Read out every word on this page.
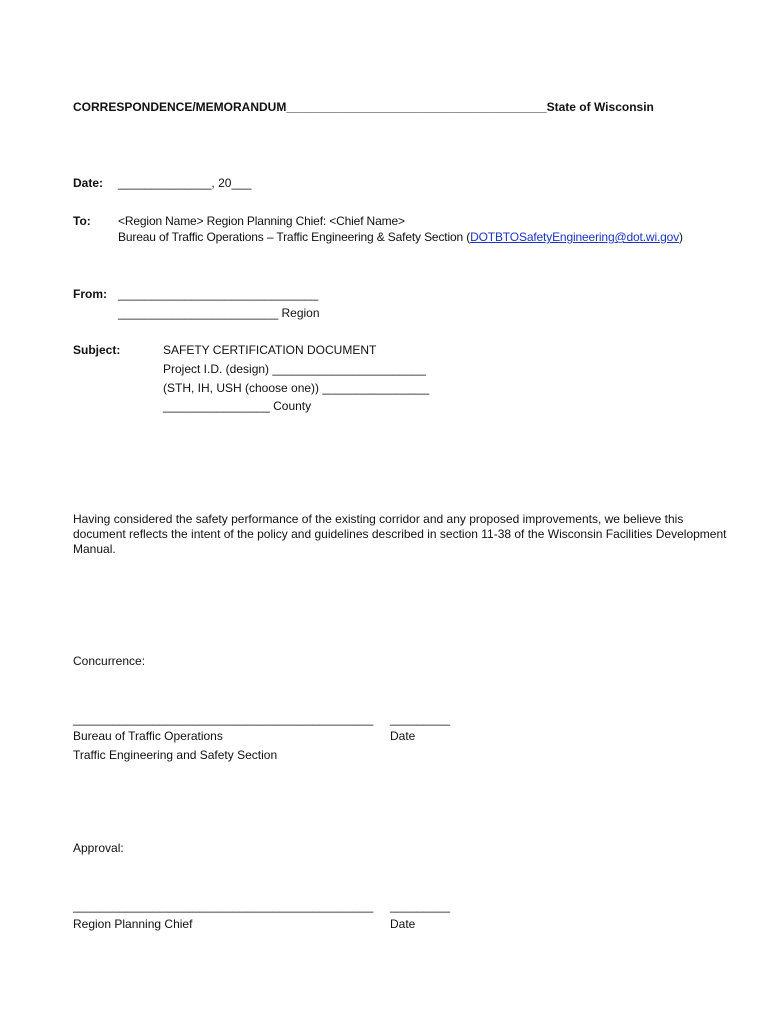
CORRESPONDENCE/MEMORANDUM_______________________________________State of Wisconsin
Date: ______________, 20___
To: <Region Name> Region Planning Chief: <Chief Name>
Bureau of Traffic Operations – Traffic Engineering & Safety Section (DOTBTOSafetyEngineering@dot.wi.gov)
From: ______________________________
________________________ Region
Subject:	SAFETY CERTIFICATION DOCUMENT
Project I.D. (design) _______________________
(STH, IH, USH (choose one)) ________________
________________ County
Having considered the safety performance of the existing corridor and any proposed improvements, we believe this document reflects the intent of the policy and guidelines described in section 11-38 of the Wisconsin Facilities Development Manual.
Concurrence:
_____________________________________________ _________
Bureau of Traffic Operations	Date
Traffic Engineering and Safety Section
Approval:
_____________________________________________ _________
Region Planning Chief	Date
